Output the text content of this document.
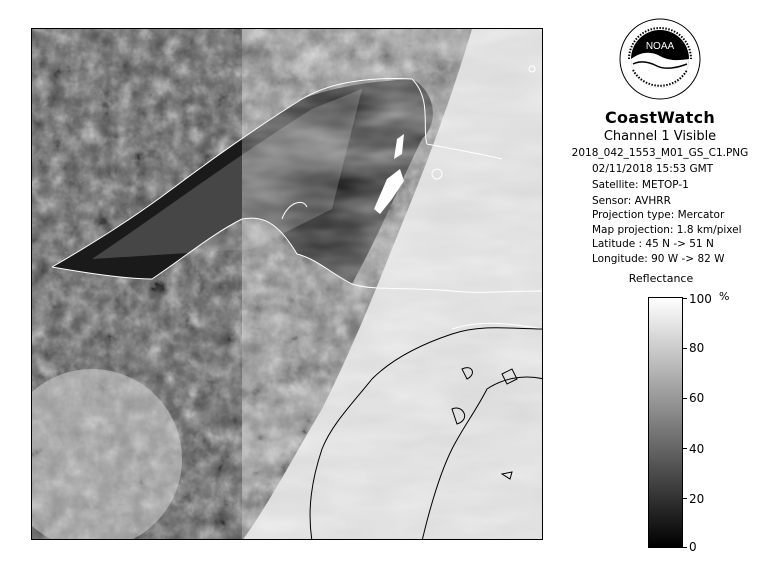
NOAA
CoastWatch
Channel 1 Visible
2018_042_1553_M01_GS_C1.PNG
02/11/2018 15:53 GMT
Satellite: METOP-1
Sensor: AVHRR
Projection type: Mercator
Map projection: 1.8 km/pixel
Latitude : 45 N -> 51 N
Longitude: 90 W -> 82 W
Reflectance
%
100
80
60
40
20
0
